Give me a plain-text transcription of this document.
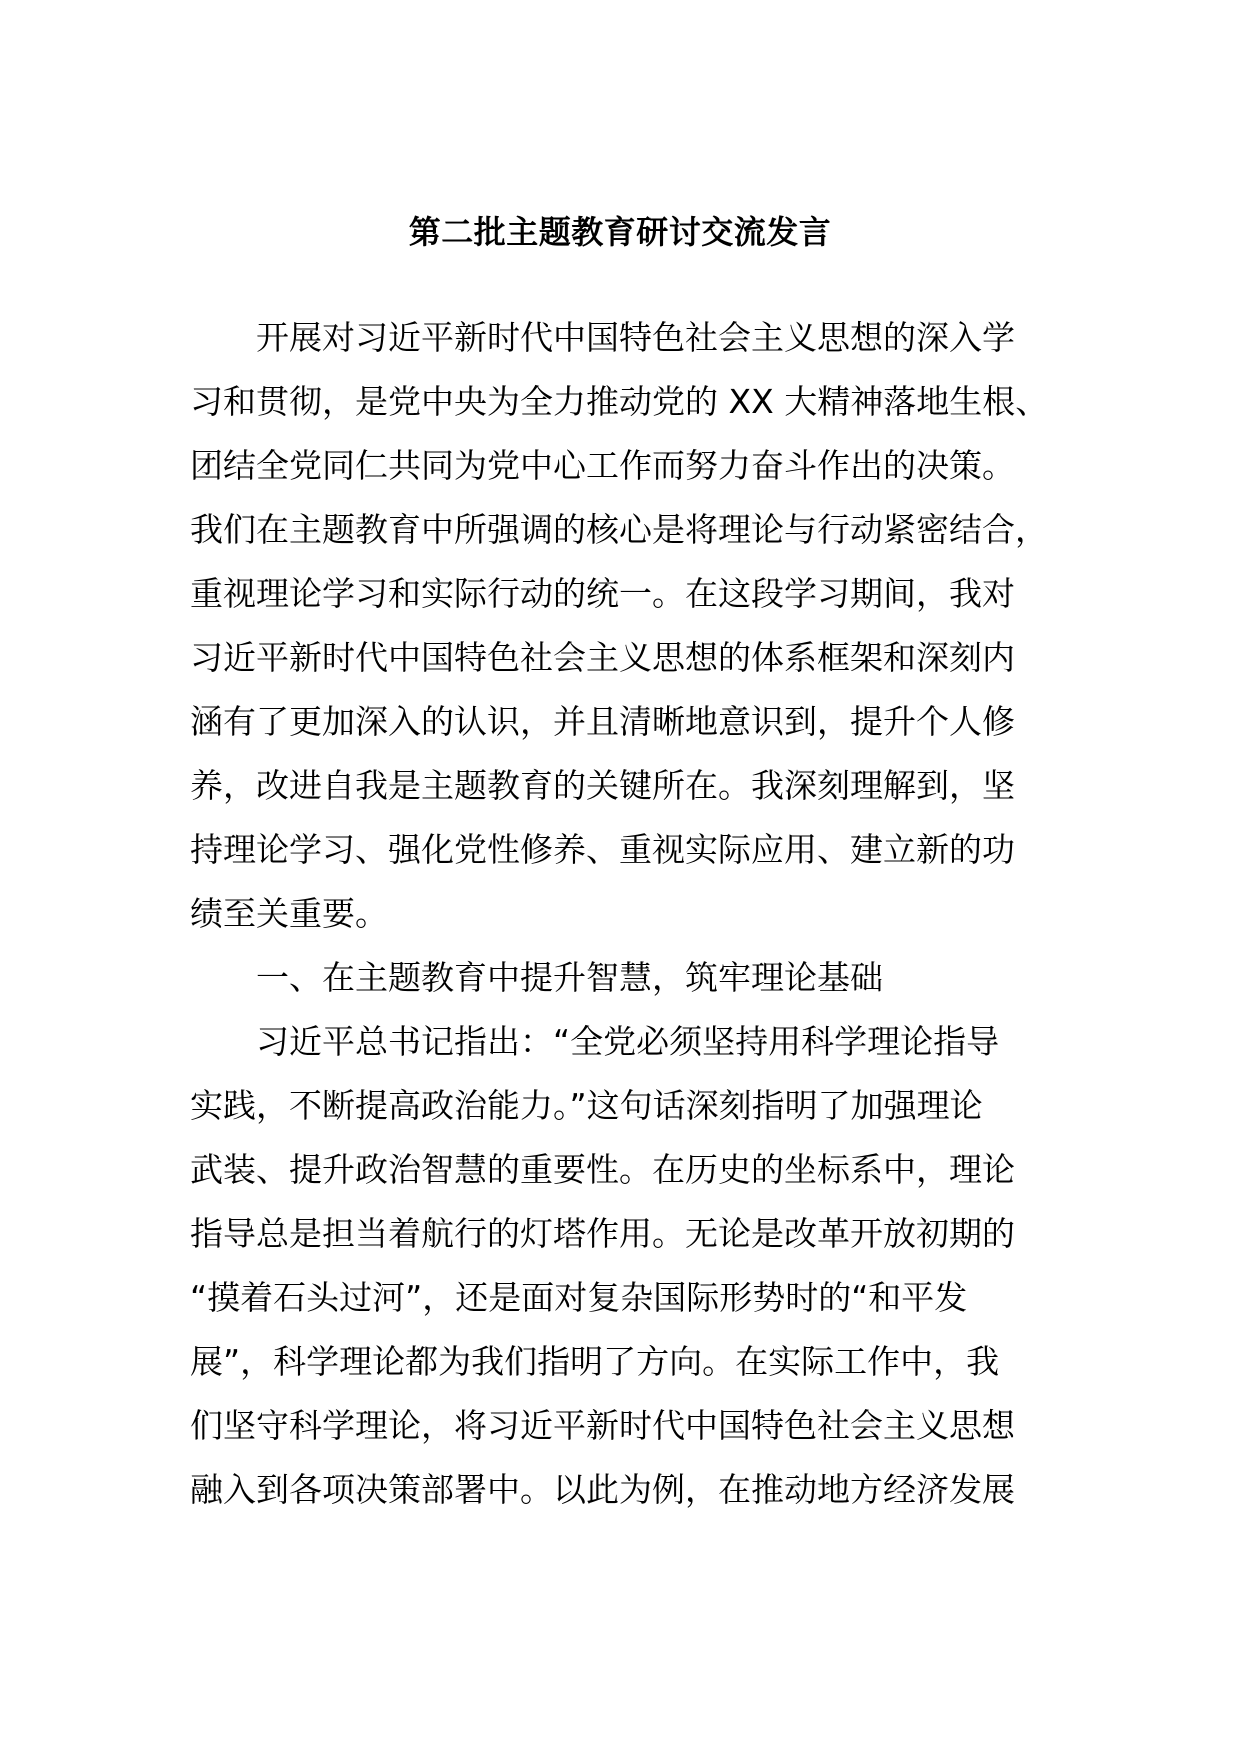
第二批主题教育研讨交流发言
开展对习近平新时代中国特色社会主义思想的深入学
习和贯彻，是党中央为全力推动党的 XX 大精神落地生根、
团结全党同仁共同为党中心工作而努力奋斗作出的决策。
我们在主题教育中所强调的核心是将理论与行动紧密结合，
重视理论学习和实际行动的统一。在这段学习期间，我对
习近平新时代中国特色社会主义思想的体系框架和深刻内
涵有了更加深入的认识，并且清晰地意识到，提升个人修
养，改进自我是主题教育的关键所在。我深刻理解到，坚
持理论学习、强化党性修养、重视实际应用、建立新的功
绩至关重要。
一、在主题教育中提升智慧，筑牢理论基础
习近平总书记指出：“全党必须坚持用科学理论指导
实践，不断提高政治能力。”这句话深刻指明了加强理论
武装、提升政治智慧的重要性。在历史的坐标系中，理论
指导总是担当着航行的灯塔作用。无论是改革开放初期的
“摸着石头过河”，还是面对复杂国际形势时的“和平发
展”，科学理论都为我们指明了方向。在实际工作中，我
们坚守科学理论，将习近平新时代中国特色社会主义思想
融入到各项决策部署中。以此为例，在推动地方经济发展
